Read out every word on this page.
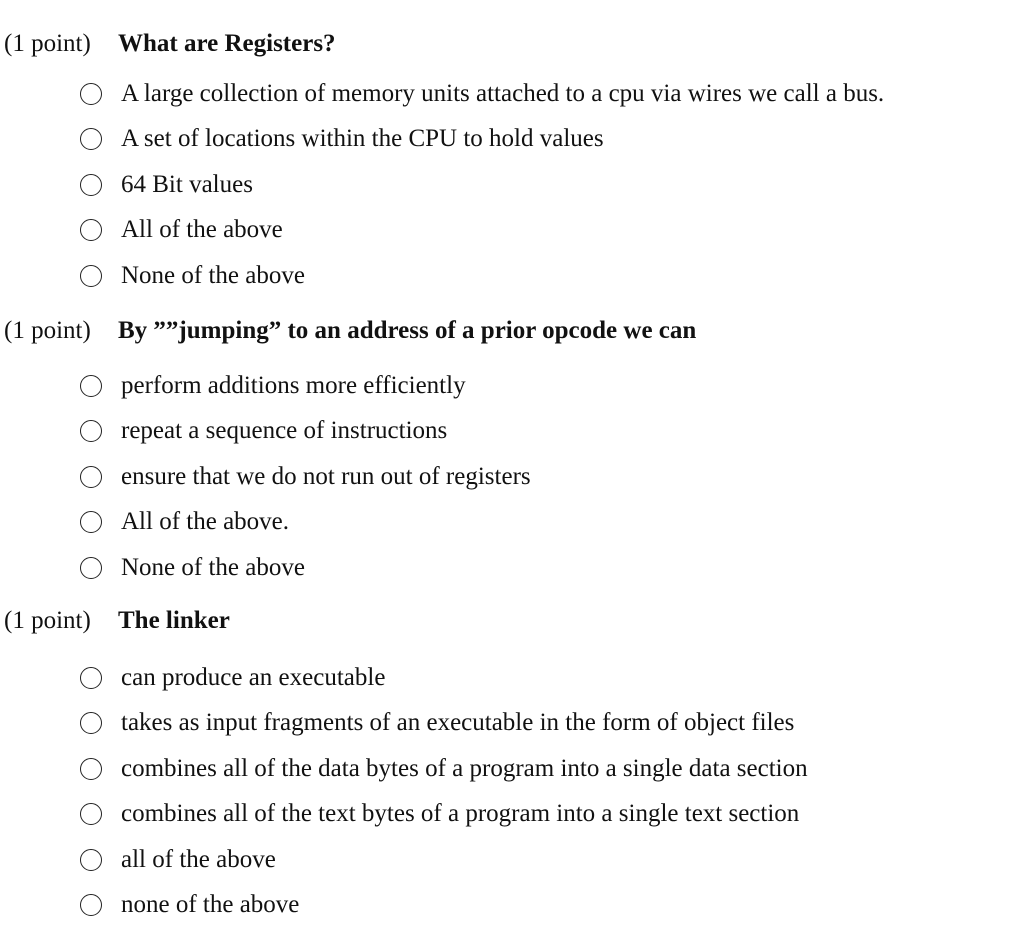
(1 point) What are Registers?
A large collection of memory units attached to a cpu via wires we call a bus.
A set of locations within the CPU to hold values
64 Bit values
All of the above
None of the above
(1 point) By ””jumping” to an address of a prior opcode we can
perform additions more efficiently
repeat a sequence of instructions
ensure that we do not run out of registers
All of the above.
None of the above
(1 point) The linker
can produce an executable
takes as input fragments of an executable in the form of object files
combines all of the data bytes of a program into a single data section
combines all of the text bytes of a program into a single text section
all of the above
none of the above
